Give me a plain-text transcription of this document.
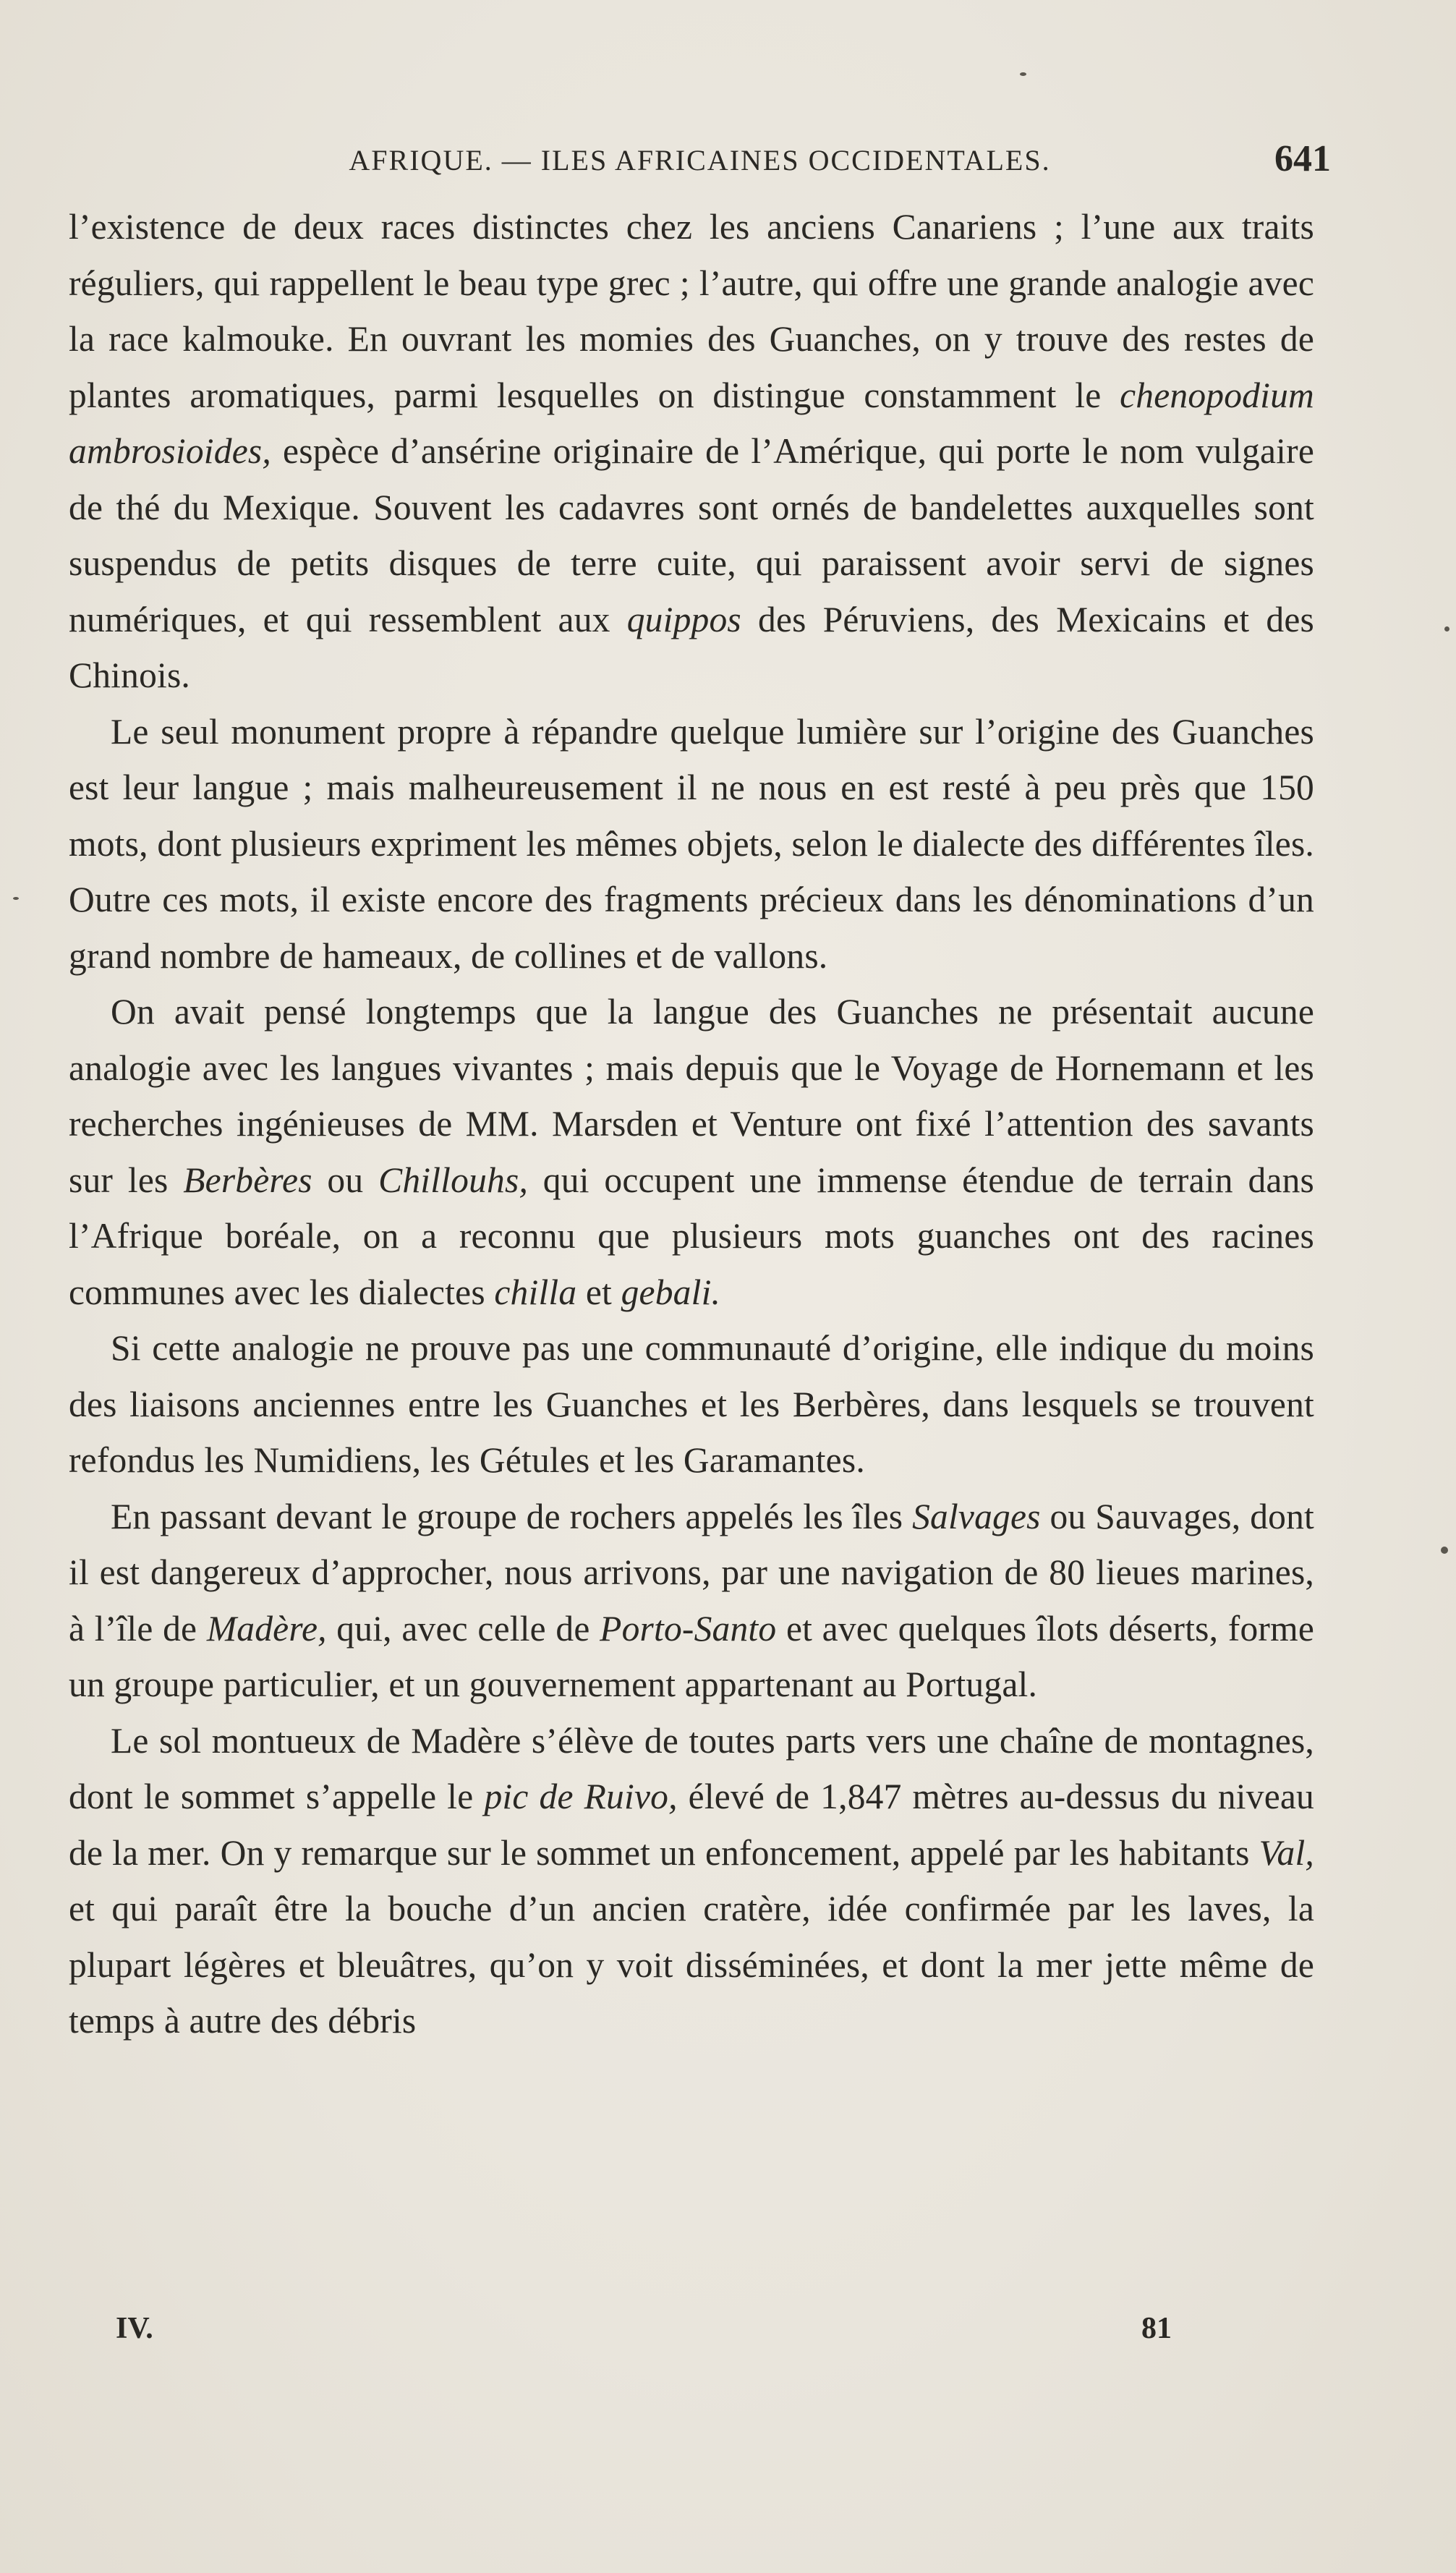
AFRIQUE. — ILES AFRICAINES OCCIDENTALES.	641

l’existence de deux races distinctes chez les anciens Canariens ; l’une aux traits réguliers, qui rappellent le beau type grec ; l’autre, qui offre une grande analogie avec la race kalmouke. En ouvrant les momies des Guanches, on y trouve des restes de plantes aromatiques, parmi lesquelles on distingue constamment le chenopodium ambrosioides, espèce d’ansérine originaire de l’Amérique, qui porte le nom vulgaire de thé du Mexique. Souvent les cadavres sont ornés de bandelettes auxquelles sont suspendus de petits disques de terre cuite, qui paraissent avoir servi de signes numériques, et qui ressemblent aux quippos des Péruviens, des Mexicains et des Chinois.

Le seul monument propre à répandre quelque lumière sur l’origine des Guanches est leur langue ; mais malheureusement il ne nous en est resté à peu près que 150 mots, dont plusieurs expriment les mêmes objets, selon le dialecte des différentes îles. Outre ces mots, il existe encore des fragments précieux dans les dénominations d’un grand nombre de hameaux, de collines et de vallons.

On avait pensé longtemps que la langue des Guanches ne présentait aucune analogie avec les langues vivantes ; mais depuis que le Voyage de Hornemann et les recherches ingénieuses de MM. Marsden et Venture ont fixé l’attention des savants sur les Berbères ou Chillouhs, qui occupent une immense étendue de terrain dans l’Afrique boréale, on a reconnu que plusieurs mots guanches ont des racines communes avec les dialectes chilla et gebali.

Si cette analogie ne prouve pas une communauté d’origine, elle indique du moins des liaisons anciennes entre les Guanches et les Berbères, dans lesquels se trouvent refondus les Numidiens, les Gétules et les Garamantes.

En passant devant le groupe de rochers appelés les îles Salvages ou Sauvages, dont il est dangereux d’approcher, nous arrivons, par une navigation de 80 lieues marines, à l’île de Madère, qui, avec celle de Porto-Santo et avec quelques îlots déserts, forme un groupe particulier, et un gouvernement appartenant au Portugal.

Le sol montueux de Madère s’élève de toutes parts vers une chaîne de montagnes, dont le sommet s’appelle le pic de Ruivo, élevé de 1,847 mètres au-dessus du niveau de la mer. On y remarque sur le sommet un enfoncement, appelé par les habitants Val, et qui paraît être la bouche d’un ancien cratère, idée confirmée par les laves, la plupart légères et bleuâtres, qu’on y voit disséminées, et dont la mer jette même de temps à autre des débris

IV.	81
